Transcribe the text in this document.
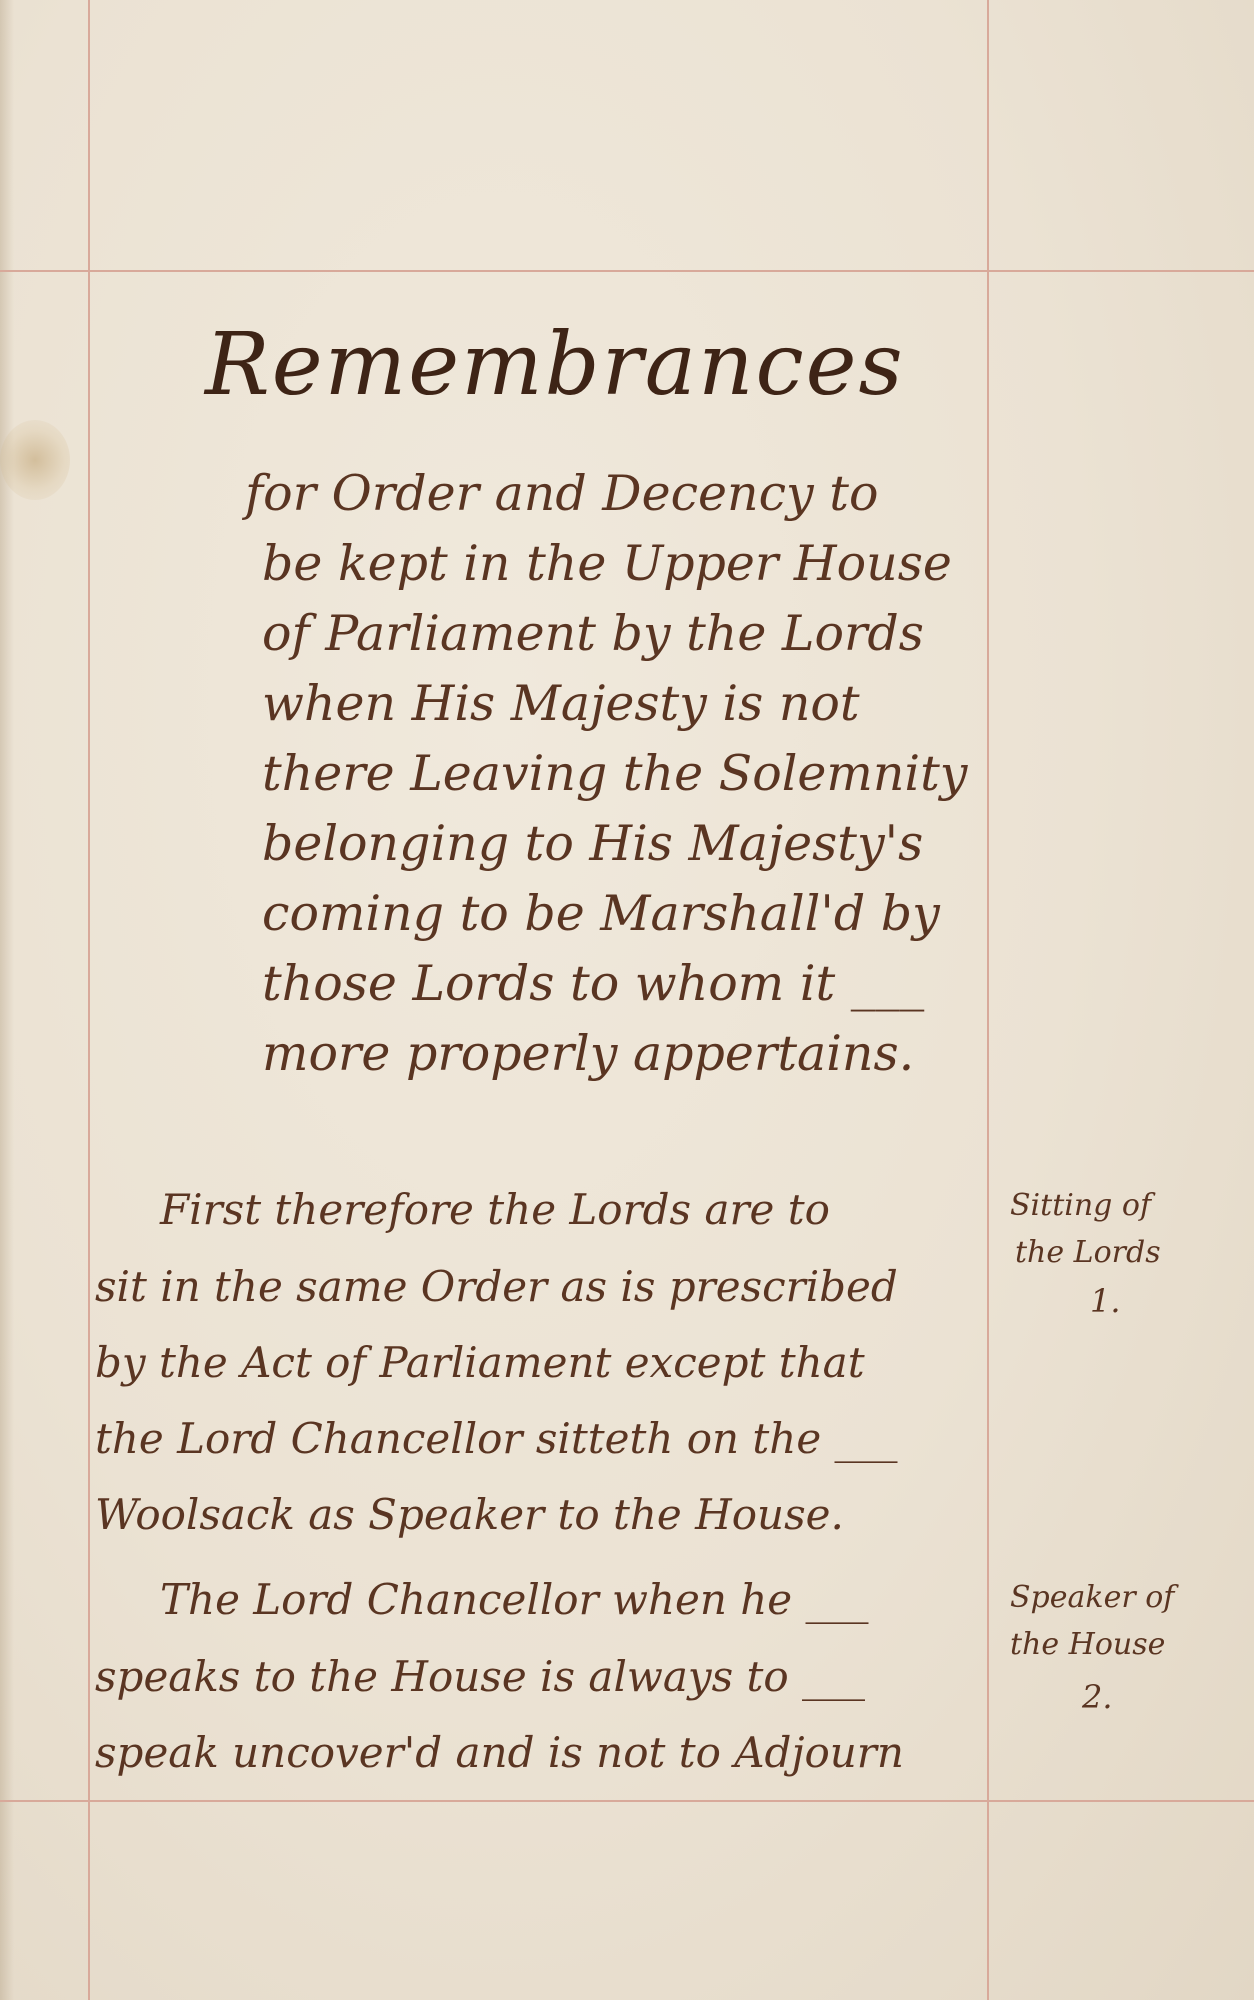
Remembrances
for Order and Decency to
be kept in the Upper House
of Parliament by the Lords
when His Majesty is not
there Leaving the Solemnity
belonging to His Majesty's
coming to be Marshall'd by
those Lords to whom it ___
more properly appertains.
First therefore the Lords are to
sit in the same Order as is prescribed
by the Act of Parliament except that
the Lord Chancellor sitteth on the ___
Woolsack as Speaker to the House.
The Lord Chancellor when he ___
speaks to the House is always to ___
speak uncover'd and is not to Adjourn
Sitting of
the Lords
1.
Speaker of
the House
2.
